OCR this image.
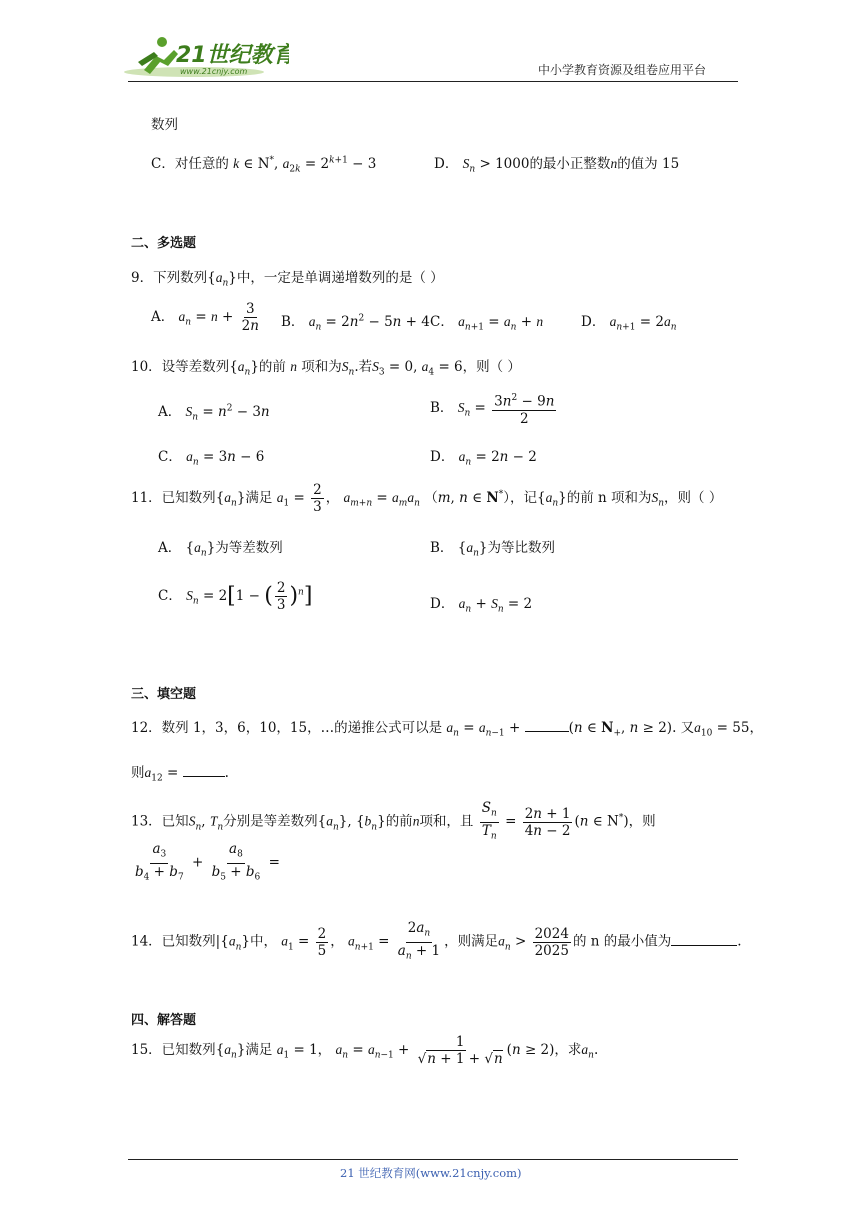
21世纪教育
www.21cnjy.com	中小学教育资源及组卷应用平台
数列
C．对任意的 k ∈ N*, $a_{2k} = 2^{k+1} - 3$	D． $S_n > 1000$的最小正整数n的值为 15
二、多选题
9．下列数列$\{a_n\}$中，一定是单调递增数列的是（ ）
A． $a_n = n + \frac{3}{2n}$ B． $a_n = 2n^2 - 5n + 4$ C． $a_{n+1} = a_n + n$	D． $a_{n+1} = 2a_n$
10．设等差数列$\{a_n\}$的前 n 项和为$S_n$.若$S_3 = 0$, $a_4 = 6$，则（ ）
A． $S_n = n^2 - 3n$	B． $S_n = \frac{3n^2 - 9n}{2}$
C． $a_n = 3n - 6$	D． $a_n = 2n - 2$
11．已知数列$\{a_n\}$满足 $a_1 = \frac{2}{3}$ ， $a_{m+n} = a_ma_n$ （m, n ∈ N*），记$\{a_n\}$的前 n 项和为$S_n$，则（ ）
A． $\{a_n\}$为等差数列	B． $\{a_n\}$为等比数列
C． $S_n = 2[1$ − ( $\frac{2}{3} )^n$]	D． $a_n + S_n = 2$
三、填空题
12．数列 1，3，6，10，15，…的递推公式可以是 $a_n = a_{n-1}$ +	(n ∈ $N_+$, n ≥ 2). 又$a_{10} = 55$，
则$a_{12}$ =	.
13．已知$S_n$, $T_n$分别是等差数列$\{a_n\}$, $\{b_n\}$的前n项和，且 $\frac{S_n}{T_n} = \frac{2n + 1}{4n - 2} (n$ ∈ N*)，则
$\frac{a_3}{b_4 + b_7} + \frac{a_8}{b_5 + b_6}$ =
14．已知数列$|\{a_n\}$中， $a_1 = \frac{2}{5}$ ， $a_{n+1} = \frac{2a_n}{a_n + 1}$ ，则满足$a_n > \frac{2024}{2025}$ 的 n 的最小值为	.
四、解答题
15．已知数列$\{a_n\}$满足 $a_1 = 1$， $a_n = a_{n-1} + \frac{1}{√n + 1 + √n} (n \ge 2)$，求$a_n$.
21 世纪教育网(www.21cnjy.com)
